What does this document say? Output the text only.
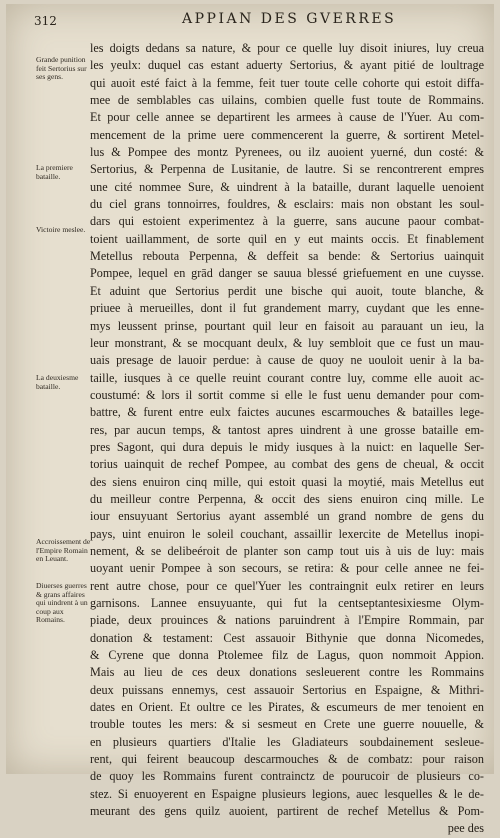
312	APPIAN DES GVERRES
Grande punition feit Sertorius sur ses gens.
La premiere bataille.
Victoire meslee.
La deuxiesme bataille.
Accroissement de l'Empire Romain en Leuant.
Diuerses guerres & grans affaires qui uindrent à un coup aux Romains.
les doigts dedans sa nature, & pour ce quelle luy disoit iniures, luy creua
les yeulx: duquel cas estant aduerty Sertorius, & ayant pitié de loultrage
qui auoit esté faict à la femme, feit tuer toute celle cohorte qui estoit diffa-
mee de semblables cas uilains, combien quelle fust toute de Rommains.
Et pour celle annee se departirent les armees à cause de l'Yuer. Au com-
mencement de la prime uere commencerent la guerre, & sortirent Metel-
lus & Pompee des montz Pyrenees, ou ilz auoient yuerné, dun costé: &
Sertorius, & Perpenna de Lusitanie, de lautre. Si se rencontrerent empres
une cité nommee Sure, & uindrent à la bataille, durant laquelle uenoient
du ciel grans tonnoirres, fouldres, & esclairs: mais non obstant les soul-
dars qui estoient experimentez à la guerre, sans aucune paour combat-
toient uaillamment, de sorte quil en y eut maints occis. Et finablement
Metellus rebouta Perpenna, & deffeit sa bende: & Sertorius uainquit
Pompee, lequel en grād danger se sauua blessé griefuement en une cuysse.
Et aduint que Sertorius perdit une bische qui auoit, toute blanche, &
priuee à merueilles, dont il fut grandement marry, cuydant que les enne-
mys leussent prinse, pourtant quil leur en faisoit au parauant un ieu, la
leur monstrant, & se mocquant deulx, & luy sembloit que ce fust un mau-
uais presage de lauoir perdue: à cause de quoy ne uouloit uenir à la ba-
taille, iusques à ce quelle reuint courant contre luy, comme elle auoit ac-
coustumé: & lors il sortit comme si elle le fust uenu demander pour com-
battre, & furent entre eulx faictes aucunes escarmouches & batailles lege-
res, par aucun temps, & tantost apres uindrent à une grosse bataille em-
pres Sagont, qui dura depuis le midy iusques à la nuict: en laquelle Ser-
torius uainquit de rechef Pompee, au combat des gens de cheual, & occit
des siens enuiron cinq mille, qui estoit quasi la moytié, mais Metellus eut
du meilleur contre Perpenna, & occit des siens enuiron cinq mille. Le
iour ensuyuant Sertorius ayant assemblé un grand nombre de gens du
pays, uint enuiron le soleil couchant, assaillir lexercite de Metellus inopi-
nement, & se delibeéroit de planter son camp tout uis à uis de luy: mais
uoyant uenir Pompee à son secours, se retira: & pour celle annee ne fei-
rent autre chose, pour ce quel'Yuer les contraingnit eulx retirer en leurs
garnisons. Lannee ensuyuante, qui fut la centseptantesixiesme Olym-
piade, deux prouinces & nations paruindrent à l'Empire Rommain, par
donation & testament: Cest assauoir Bithynie que donna Nicomedes,
& Cyrene que donna Ptolemee filz de Lagus, quon nommoit Appion.
Mais au lieu de ces deux donations sesleuerent contre les Rommains
deux puissans ennemys, cest assauoir Sertorius en Espaigne, & Mithri-
dates en Orient. Et oultre ce les Pirates, & escumeurs de mer tenoient en
trouble toutes les mers: & si sesmeut en Crete une guerre nouuelle, &
en plusieurs quartiers d'Italie les Gladiateurs soubdainement sesleue-
rent, qui feirent beaucoup descarmouches & de combatz: pour raison
de quoy les Rommains furent contrainctz de pourucoir de plusieurs co-
stez. Si enuoyerent en Espaigne plusieurs legions, auec lesquelles & le de-
meurant des gens quilz auoient, partirent de rechef Metellus & Pom-
pee des
